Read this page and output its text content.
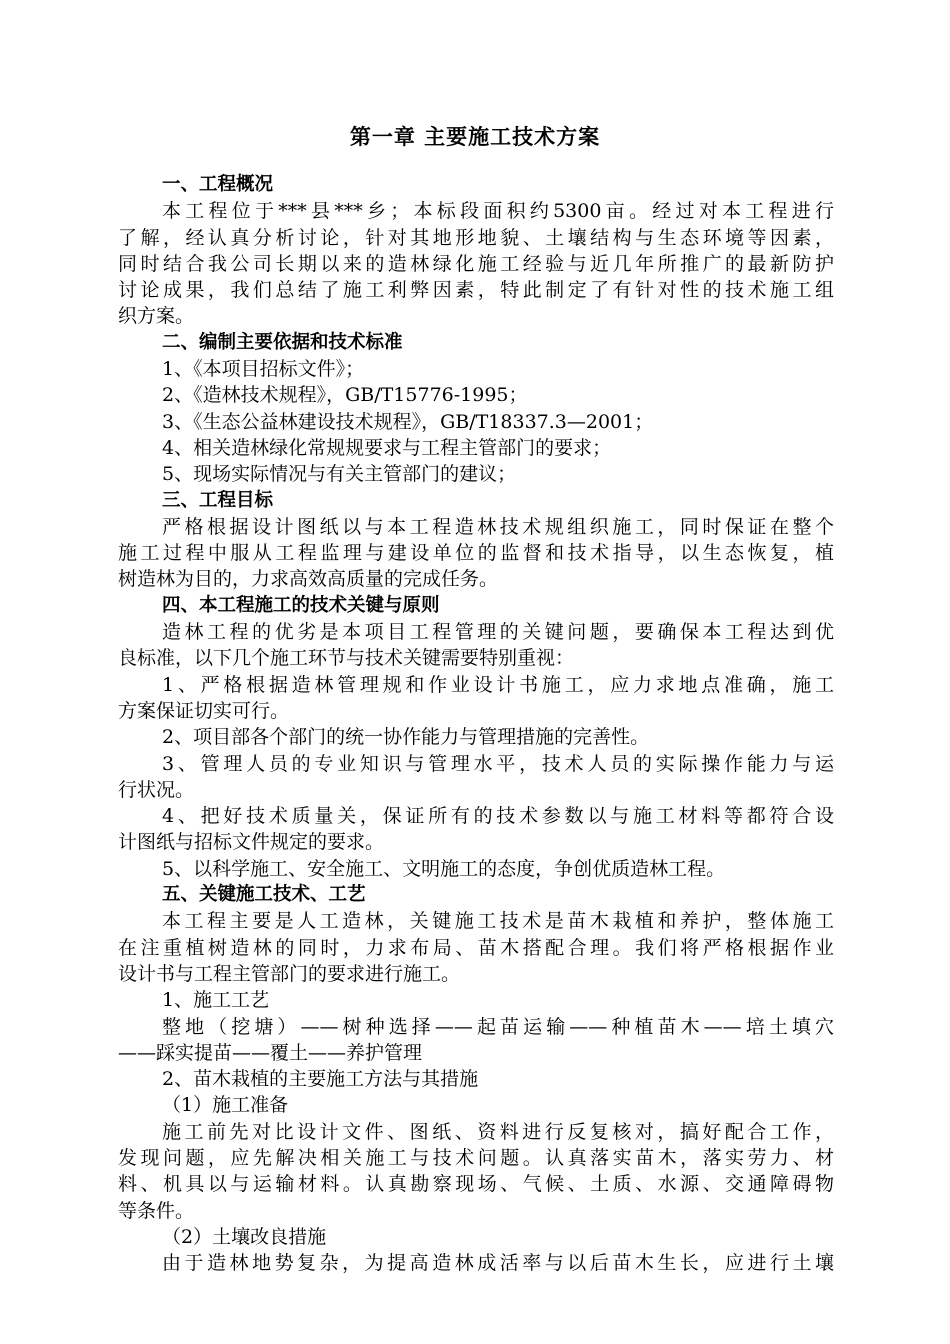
第一章 主要施工技术方案
一、工程概况
本工程位于***县***乡；本标段面积约5300亩。经过对本工程进行
了解，经认真分析讨论，针对其地形地貌、土壤结构与生态环境等因素，
同时结合我公司长期以来的造林绿化施工经验与近几年所推广的最新防护
讨论成果，我们总结了施工利弊因素，特此制定了有针对性的技术施工组
织方案。
二、编制主要依据和技术标准
1、《本项目招标文件》；
2、《造林技术规程》，GB/T15776-1995；
3、《生态公益林建设技术规程》，GB/T18337.3—2001；
4、相关造林绿化常规规要求与工程主管部门的要求；
5、现场实际情况与有关主管部门的建议；
三、工程目标
严格根据设计图纸以与本工程造林技术规组织施工，同时保证在整个
施工过程中服从工程监理与建设单位的监督和技术指导，以生态恢复，植
树造林为目的，力求高效高质量的完成任务。
四、本工程施工的技术关键与原则
造林工程的优劣是本项目工程管理的关键问题，要确保本工程达到优
良标准，以下几个施工环节与技术关键需要特别重视：
1、严格根据造林管理规和作业设计书施工，应力求地点准确，施工
方案保证切实可行。
2、项目部各个部门的统一协作能力与管理措施的完善性。
3、管理人员的专业知识与管理水平，技术人员的实际操作能力与运
行状况。
4、把好技术质量关，保证所有的技术参数以与施工材料等都符合设
计图纸与招标文件规定的要求。
5、以科学施工、安全施工、文明施工的态度，争创优质造林工程。
五、关键施工技术、工艺
本工程主要是人工造林，关键施工技术是苗木栽植和养护，整体施工
在注重植树造林的同时，力求布局、苗木搭配合理。我们将严格根据作业
设计书与工程主管部门的要求进行施工。
1、施工工艺
整地（挖塘）——树种选择——起苗运输——种植苗木——培土填穴
——踩实提苗——覆土——养护管理
2、苗木栽植的主要施工方法与其措施
（1）施工准备
施工前先对比设计文件、图纸、资料进行反复核对，搞好配合工作，
发现问题，应先解决相关施工与技术问题。认真落实苗木，落实劳力、材
料、机具以与运输材料。认真勘察现场、气候、土质、水源、交通障碍物
等条件。
（2）土壤改良措施
由于造林地势复杂，为提高造林成活率与以后苗木生长，应进行土壤
